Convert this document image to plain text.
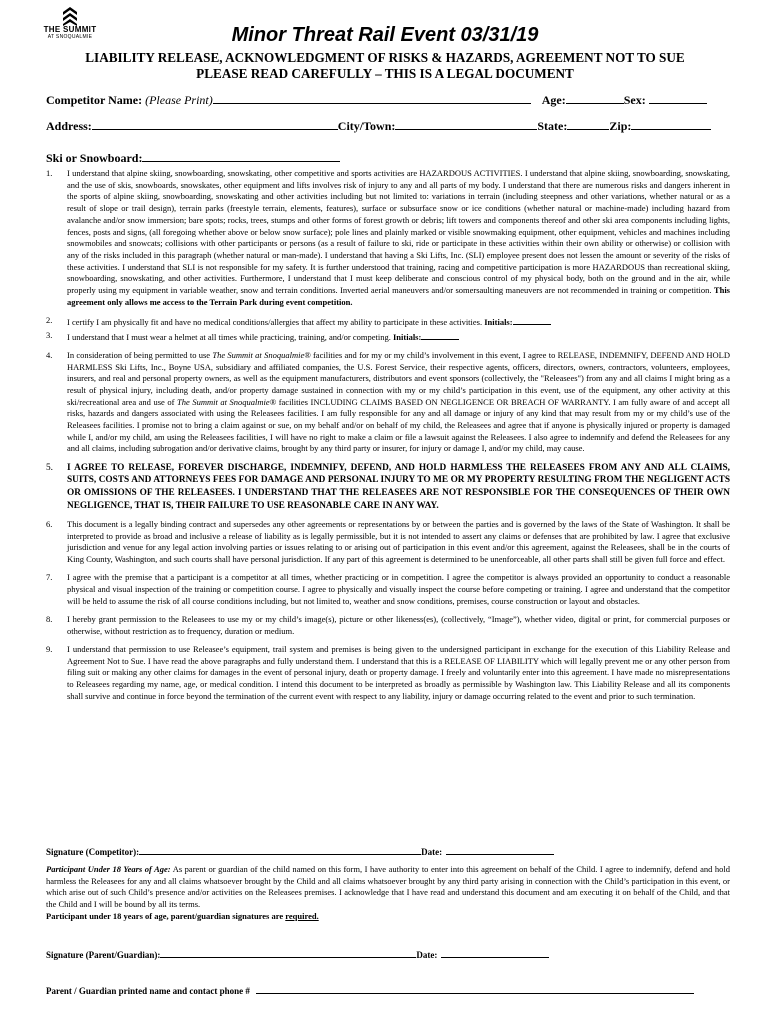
THE SUMMIT
AT SNOQUALMIE	Minor Threat Rail Event 03/31/19
LIABILITY RELEASE, ACKNOWLEDGMENT OF RISKS & HAZARDS, AGREEMENT NOT TO SUE
PLEASE READ CAREFULLY – THIS IS A LEGAL DOCUMENT
Competitor Name: (Please Print)	Age:	Sex:
Address:	City/Town:	State:	Zip:
Ski or Snowboard:
1. I understand that alpine skiing, snowboarding, snowskating, other competitive and sports activities are HAZARDOUS ACTIVITIES. I understand that alpine skiing, snowboarding, snowskating, and the use of skis, snowboards, snowskates, other equipment and lifts involves risk of injury to any and all parts of my body. I understand that there are numerous risks and dangers inherent in the sports of alpine skiing, snowboarding, snowskating and other activities including but not limited to: variations in terrain (including steepness and other variations, whether natural or as a result of slope or trail design), terrain parks (freestyle terrain, elements, features), surface or subsurface snow or ice conditions (whether natural or machine-made) including hazard from avalanche and/or snow immersion; bare spots; rocks, trees, stumps and other forms of forest growth or debris; lift towers and components thereof and other ski area components including lights, fences, posts and signs, (all foregoing whether above or below snow surface); pole lines and plainly marked or visible snowmaking equipment, other equipment, vehicles and machines including snowmobiles and snowcats; collisions with other participants or persons (as a result of failure to ski, ride or participate in these activities within their own ability or otherwise) or collision with any of the risks included in this paragraph (whether natural or man-made). I understand that having a Ski Lifts, Inc. (SLI) employee present does not lessen the amount or severity of the risks of these activities. I understand that SLI is not responsible for my safety. It is further understood that training, racing and competitive participation is more HAZARDOUS than recreational skiing, snowboarding, snowskating, and other activities. Furthermore, I understand that I must keep deliberate and conscious control of my physical body, both on the ground and in the air, while properly using my equipment in variable weather, snow and terrain conditions. Inverted aerial maneuvers and/or somersaulting maneuvers are not recommended in training or competition. This agreement only allows me access to the Terrain Park during event competition.
2. I certify I am physically fit and have no medical conditions/allergies that affect my ability to participate in these activities. Initials:
3. I understand that I must wear a helmet at all times while practicing, training, and/or competing. Initials:
4. In consideration of being permitted to use The Summit at Snoqualmie® facilities and for my or my child’s involvement in this event, I agree to RELEASE, INDEMNIFY, DEFEND AND HOLD HARMLESS Ski Lifts, Inc., Boyne USA, subsidiary and affiliated companies, the U.S. Forest Service, their respective agents, officers, directors, owners, contractors, volunteers, employees, insurers, and real and personal property owners, as well as the equipment manufacturers, distributors and event sponsors (collectively, the "Releasees") from any and all claims I might bring as a result of physical injury, including death, and/or property damage sustained in connection with my or my child’s participation in this event, use of the equipment, any other activity at this ski/recreational area and use of The Summit at Snoqualmie® facilities INCLUDING CLAIMS BASED ON NEGLIGENCE OR BREACH OF WARRANTY. I am fully aware of and accept all risks, hazards and dangers associated with using the Releasees facilities. I am fully responsible for any and all damage or injury of any kind that may result from my or my child’s use of the Releasees facilities. I promise not to bring a claim against or sue, on my behalf and/or on behalf of my child, the Releasees and agree that if anyone is physically injured or property is damaged while I, and/or my child, am using the Releasees facilities, I will have no right to make a claim or file a lawsuit against the Releasees. I also agree to indemnify and defend the Releasees for any and all claims, including subrogation and/or derivative claims, brought by any third party or insurer, for injury or damage I, and/or my child, may cause.
5. I AGREE TO RELEASE, FOREVER DISCHARGE, INDEMNIFY, DEFEND, AND HOLD HARMLESS THE RELEASEES FROM ANY AND ALL CLAIMS, SUITS, COSTS AND ATTORNEYS FEES FOR DAMAGE AND PERSONAL INJURY TO ME OR MY PROPERTY RESULTING FROM THE NEGLIGENT ACTS OR OMISSIONS OF THE RELEASEES. I UNDERSTAND THAT THE RELEASEES ARE NOT RESPONSIBLE FOR THE CONSEQUENCES OF THEIR OWN NEGLIGENCE, THAT IS, THEIR FAILURE TO USE REASONABLE CARE IN ANY WAY.
6. This document is a legally binding contract and supersedes any other agreements or representations by or between the parties and is governed by the laws of the State of Washington. It shall be interpreted to provide as broad and inclusive a release of liability as is legally permissible, but it is not intended to assert any claims or defenses that are prohibited by law. I agree that exclusive jurisdiction and venue for any legal action involving parties or issues relating to or arising out of participation in this event and/or this agreement, against the Releasees, shall be in the courts of King County, Washington, and such courts shall have personal jurisdiction. If any part of this agreement is determined to be unenforceable, all other parts shall still be given full force and effect.
7. I agree with the premise that a participant is a competitor at all times, whether practicing or in competition. I agree the competitor is always provided an opportunity to conduct a reasonable physical and visual inspection of the training or competition course. I agree to physically and visually inspect the course before competing or training. I agree and understand that the competitor will be held to assume the risk of all course conditions including, but not limited to, weather and snow conditions, premises, course construction or layout and obstacles.
8. I hereby grant permission to the Releasees to use my or my child’s image(s), picture or other likeness(es), (collectively, “Image”), whether video, digital or print, for commercial purposes or otherwise, without restriction as to frequency, duration or medium.
9. I understand that permission to use Releasee’s equipment, trail system and premises is being given to the undersigned participant in exchange for the execution of this Liability Release and Agreement Not to Sue. I have read the above paragraphs and fully understand them. I understand that this is a RELEASE OF LIABILITY which will legally prevent me or any other person from filing suit or making any other claims for damages in the event of personal injury, death or property damage. I freely and voluntarily enter into this agreement. I have made no misrepresentations to Releasees regarding my name, age, or medical condition. I intend this document to be interpreted as broadly as permissible by Washington law. This Liability Release and all its components shall survive and continue in force beyond the termination of the current event with respect to any liability, injury or damage occurring related to the event and prior to such termination.
Signature (Competitor):	Date:
Participant Under 18 Years of Age: As parent or guardian of the child named on this form, I have authority to enter into this agreement on behalf of the Child. I agree to indemnify, defend and hold harmless the Releasees for any and all claims whatsoever brought by the Child and all claims whatsoever brought by any third party arising in connection with the Child’s participation in this event, or which arise out of such Child’s presence and/or activities on the Releasees premises. I acknowledge that I have read and understand this document and am executing it on behalf of the Child, and that the Child and I will be bound by all its terms.
Participant under 18 years of age, parent/guardian signatures are required.
Signature (Parent/Guardian):	Date:
Parent / Guardian printed name and contact phone #
